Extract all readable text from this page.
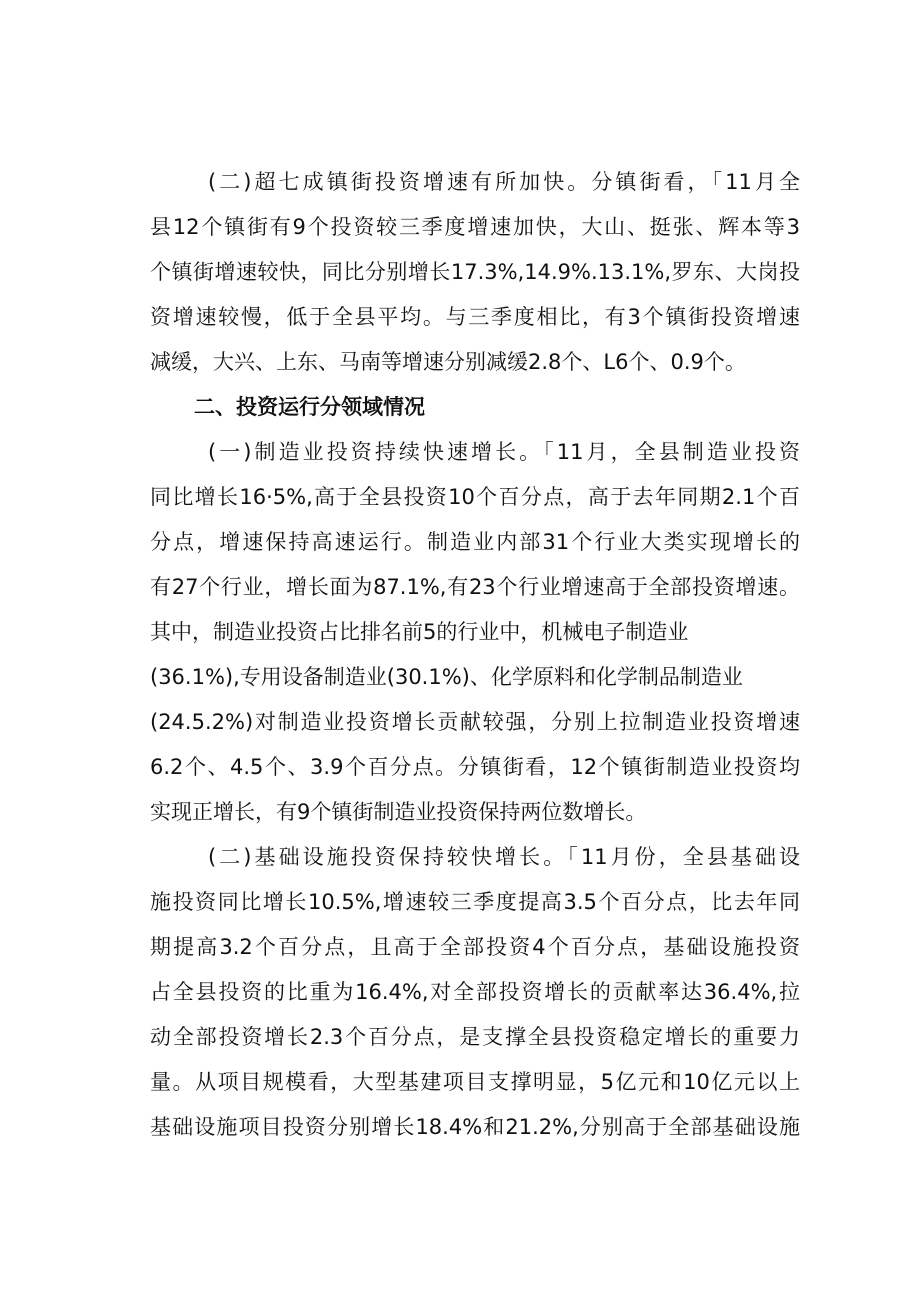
(二)超七成镇街投资增速有所加快。分镇街看，「11月全
县12个镇街有9个投资较三季度增速加快，大山、挺张、辉本等3
个镇街增速较快，同比分别增长17.3%,14.9%.13.1%,罗东、大岗投
资增速较慢，低于全县平均。与三季度相比，有3个镇街投资增速
减缓，大兴、上东、马南等增速分别减缓2.8个、L6个、0.9个。
二、投资运行分领域情况
(一)制造业投资持续快速增长。「11月，全县制造业投资
同比增长16·5%,高于全县投资10个百分点，高于去年同期2.1个百
分点，增速保持高速运行。制造业内部31个行业大类实现增长的
有27个行业，增长面为87.1%,有23个行业增速高于全部投资增速。
其中，制造业投资占比排名前5的行业中，机械电子制造业
(36.1%),专用设备制造业(30.1%)、化学原料和化学制品制造业
(24.5.2%)对制造业投资增长贡献较强，分别上拉制造业投资增速
6.2个、4.5个、3.9个百分点。分镇街看，12个镇街制造业投资均
实现正增长，有9个镇街制造业投资保持两位数增长。
(二)基础设施投资保持较快增长。「11月份，全县基础设
施投资同比增长10.5%,增速较三季度提高3.5个百分点，比去年同
期提高3.2个百分点，且高于全部投资4个百分点，基础设施投资
占全县投资的比重为16.4%,对全部投资增长的贡献率达36.4%,拉
动全部投资增长2.3个百分点，是支撑全县投资稳定增长的重要力
量。从项目规模看，大型基建项目支撑明显，5亿元和10亿元以上
基础设施项目投资分别增长18.4%和21.2%,分别高于全部基础设施
